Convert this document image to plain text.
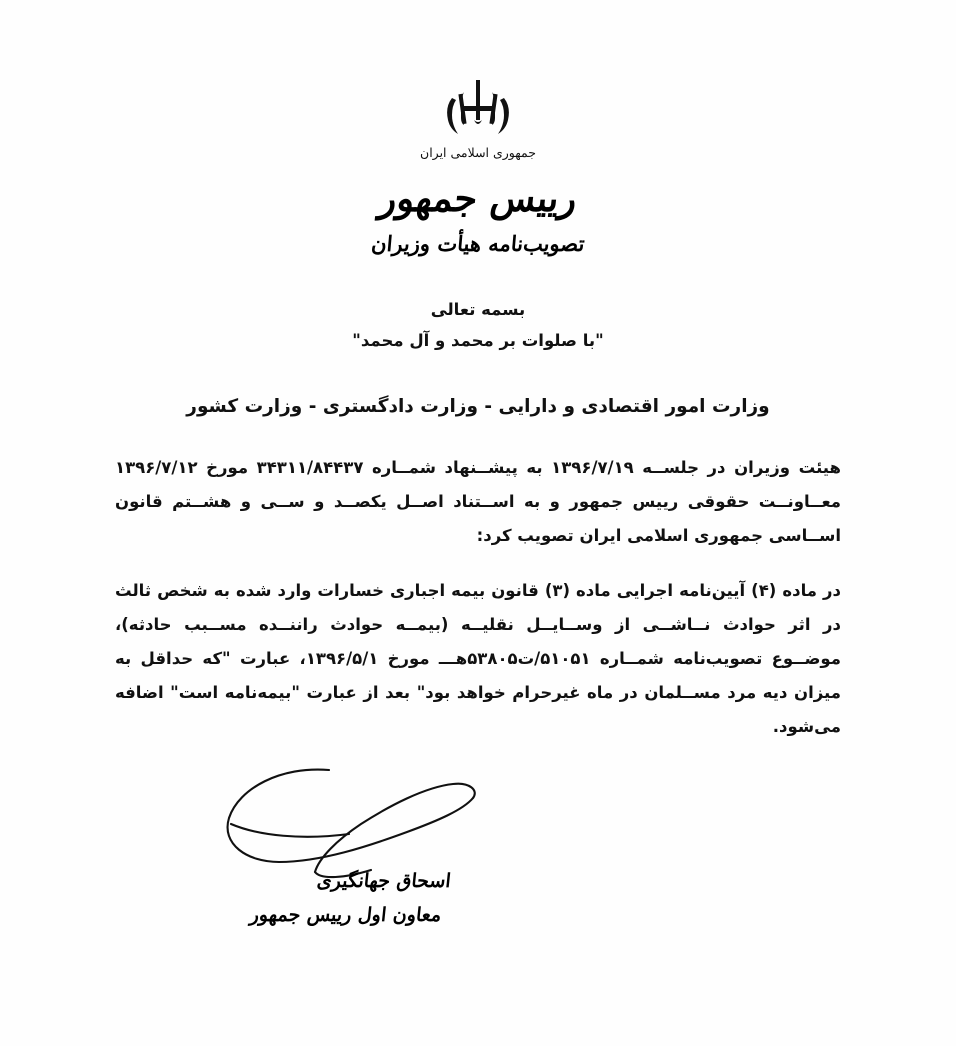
جمهوری اسلامی ایران
رییس جمهور
تصویب‌نامه هیأت وزیران
بسمه تعالی
"با صلوات بر محمد و آل محمد"
وزارت امور اقتصادی و دارایی - وزارت دادگستری - وزارت کشور

هیئت وزیران در جلســه ۱۳۹۶/۷/۱۹ به پیشــنهاد شمــاره ۳۴۳۱۱/۸۴۴۳۷ مورخ ۱۳۹۶/۷/۱۲ معــاونــت حقوقی رییس جمهور و به اســتناد اصــل یکصــد و ســی و هشــتم قانون اســاسی جمهوری اسلامی ایران تصویب کرد:

در ماده (۴) آیین‌نامه اجرایی ماده (۳) قانون بیمه اجباری خسارات وارد شده به شخص ثالث در اثر حوادث نــاشــی از وســایــل نقلیــه (بیمــه حوادث راننــده مســبب حادثه)، موضــوع تصویب‌نامه شمــاره ۵۱۰۵۱/ت۵۳۸۰۵هـــ مورخ ۱۳۹۶/۵/۱، عبارت "که حداقل به میزان دیه مرد مســلمان در ماه غیرحرام خواهد بود" بعد از عبارت "بیمه‌نامه است" اضافه می‌شود.

اسحاق جهانگیری
معاون اول رییس جمهور
